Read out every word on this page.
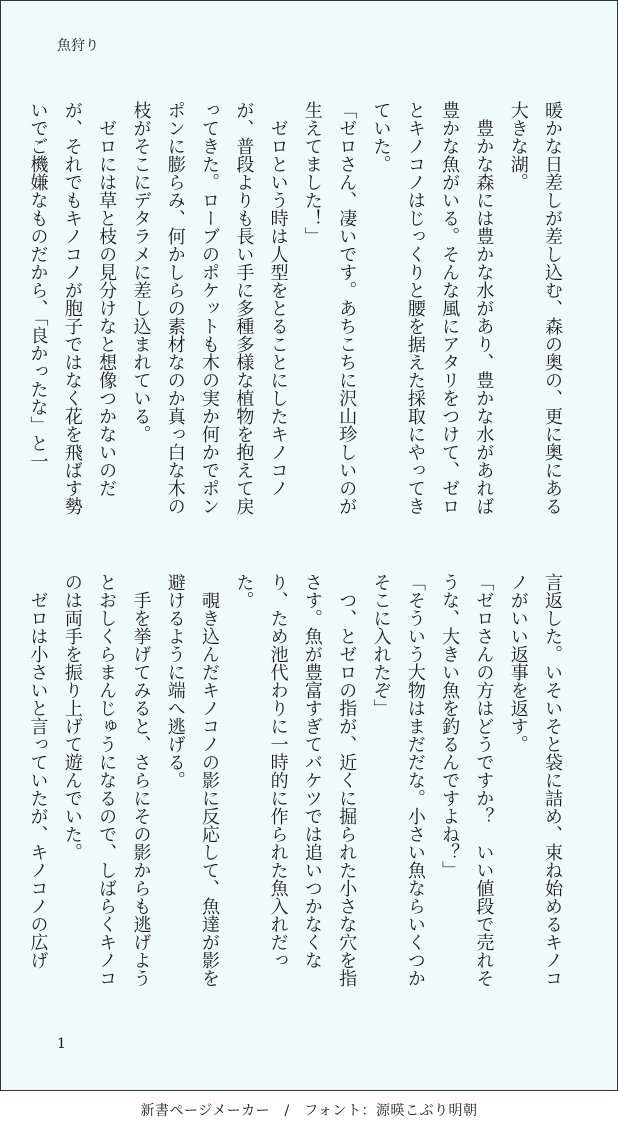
魚狩り

暖かな日差しが差し込む、森の奥の、更に奥にある大きな湖。

　豊かな森には豊かな水があり、豊かな水があれば豊かな魚がいる。そんな風にアタリをつけて、ゼロとキノコノはじっくりと腰を据えた採取にやってきていた。

「ゼロさん、凄いです。あちこちに沢山珍しいのが生えてました！」

　ゼロという時は人型をとることにしたキノコノが、普段よりも長い手に多種多様な植物を抱えて戻ってきた。ローブのポケットも木の実か何かでポンポンに膨らみ、何かしらの素材なのか真っ白な木の枝がそこにデタラメに差し込まれている。

　ゼロには草と枝の見分けなと想像つかないのだが、それでもキノコノが胞子ではなく花を飛ばす勢いでご機嫌なものだから、「良かったな」と一

言返した。いそいそと袋に詰め、束ね始めるキノコノがいい返事を返す。

「ゼロさんの方はどうですか？　いい値段で売れそうな、大きい魚を釣るんですよね？」

「そういう大物はまだだな。小さい魚ならいくつかそこに入れたぞ」

　つ、とゼロの指が、近くに掘られた小さな穴を指さす。魚が豊富すぎてバケツでは追いつかなくなり、ため池代わりに一時的に作られた魚入れだった。

　覗き込んだキノコノの影に反応して、魚達が影を避けるように端へ逃げる。

　手を挙げてみると、さらにその影からも逃げようとおしくらまんじゅうになるので、しばらくキノコのは両手を振り上げて遊んでいた。

　ゼロは小さいと言っていたが、キノコノの広げ

1
新書ページメーカー　/　フォント：源暎こぶり明朝
